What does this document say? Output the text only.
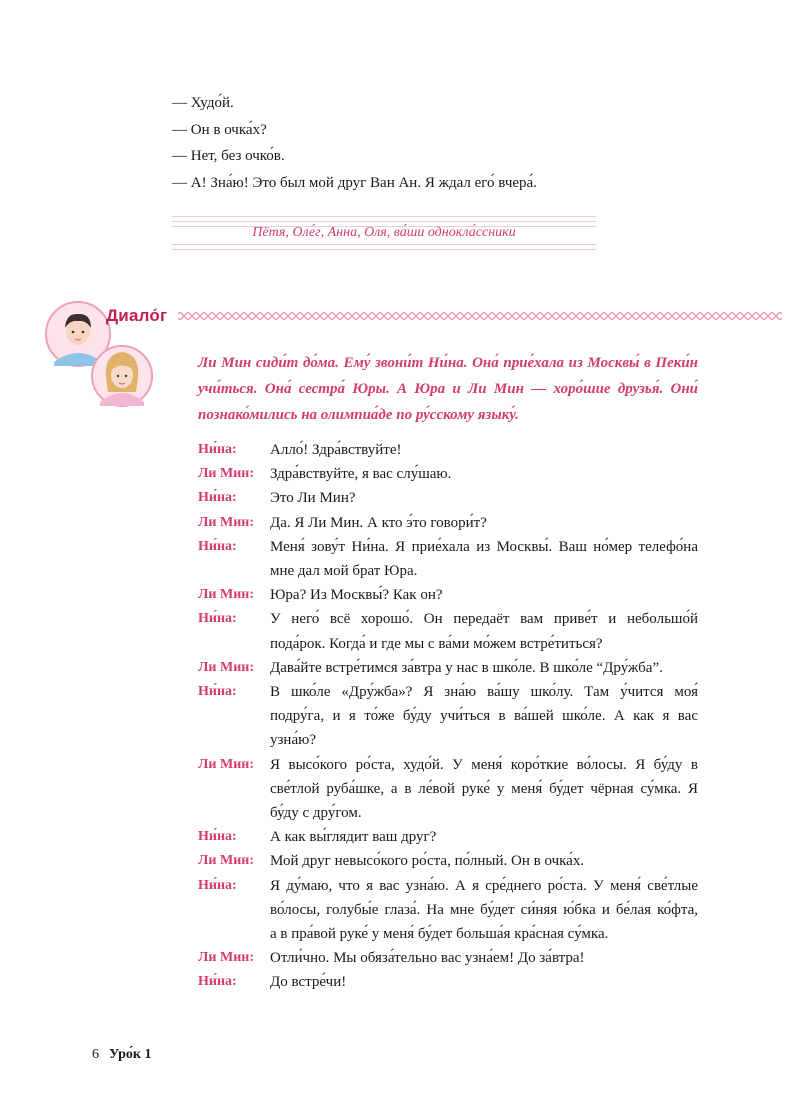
— Худо́й.
— Он в очка́х?
— Нет, без очко́в.
— А! Зна́ю! Это был мой друг Ван Ан. Я ждал его́ вчера́.
Пётя, Оле́г, Анна, Оля, ва́ши однокла́ссники
Диало́г
Ли Мин сиди́т до́ма. Ему́ звони́т Ни́на. Она́ прие́хала из Москвы́ в Пеки́н
учи́ться. Она́ сестра́ Юры. А Юра и Ли Мин — хоро́шие друзья́. Они́
познако́мились на олимпиа́де по ру́сскому языку́.
Ни́на:	Алло́! Здра́вствуйте!
Ли Мин:	Здра́вствуйте, я вас слу́шаю.
Ни́на:	Это Ли Мин?
Ли Мин:	Да. Я Ли Мин. А кто э́то говори́т?
Ни́на:	Меня́ зову́т Ни́на. Я прие́хала из Москвы́. Ваш но́мер телефо́на
мне дал мой брат Юра.
Ли Мин:	Юра? Из Москвы́? Как он?
Ни́на:	У него́ всё хорошо́. Он передаёт вам приве́т и небольшо́й
пода́рок. Когда́ и где мы с ва́ми мо́жем встре́титься?
Ли Мин:	Дава́йте встре́тимся за́втра у нас в шко́ле. В шко́ле “Дру́жба”.
Ни́на:	В шко́ле «Дру́жба»? Я зна́ю ва́шу шко́лу. Там у́чится моя́
подру́га, и я то́же бу́ду учи́ться в ва́шей шко́ле. А как я вас
узна́ю?
Ли Мин:	Я высо́кого ро́ста, худо́й. У меня́ коро́ткие во́лосы. Я бу́ду в
све́тлой руба́шке, а в ле́вой руке́ у меня́ бу́дет чёрная су́мка. Я
бу́ду с дру́гом.
Ни́на:	А как вы́глядит ваш друг?
Ли Мин:	Мой друг невысо́кого ро́ста, по́лный. Он в очка́х.
Ни́на:	Я ду́маю, что я вас узна́ю. А я сре́днего ро́ста. У меня́ све́тлые
во́лосы, голубы́е глаза́. На мне бу́дет си́няя ю́бка и бе́лая ко́фта,
а в пра́вой руке́ у меня́ бу́дет больша́я кра́сная су́мка.
Ли Мин:	Отли́чно. Мы обяза́тельно вас узна́ем! До за́втра!
Ни́на:	До встре́чи!
6 Уро́к 1
